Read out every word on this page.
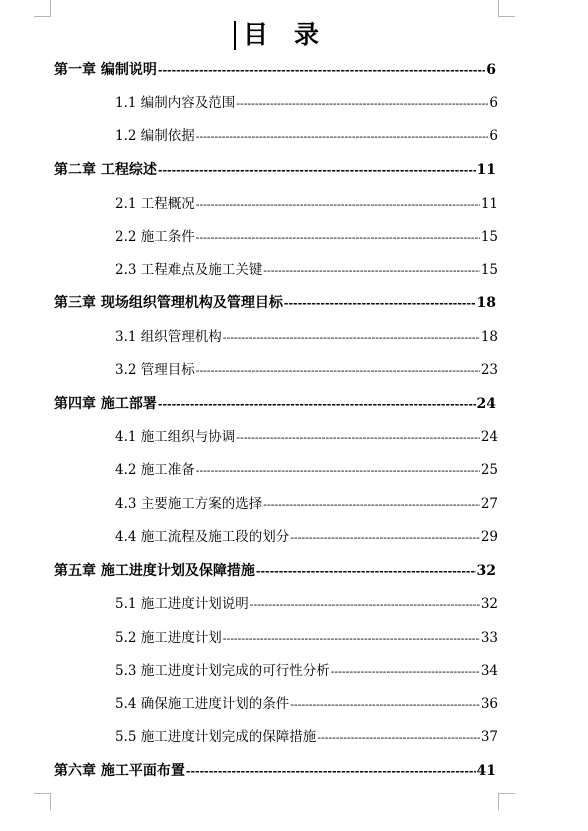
目录
第一章 编制说明 -----	6
1.1 编制内容及范围 -----	6
1.2 编制依据 -----	6
第二章 工程综述 -----	11
2.1 工程概况 -----	11
2.2 施工条件 -----	15
2.3 工程难点及施工关键 -----	15
第三章 现场组织管理机构及管理目标 -----	18
3.1 组织管理机构 -----	18
3.2 管理目标 -----	23
第四章 施工部署 -----	24
4.1 施工组织与协调 -----	24
4.2 施工准备 -----	25
4.3 主要施工方案的选择 -----	27
4.4 施工流程及施工段的划分 -----	29
第五章 施工进度计划及保障措施 -----	32
5.1 施工进度计划说明 -----	32
5.2 施工进度计划 -----	33
5.3 施工进度计划完成的可行性分析 -----	34
5.4 确保施工进度计划的条件 -----	36
5.5 施工进度计划完成的保障措施 -----	37
第六章 施工平面布置 -----	41
